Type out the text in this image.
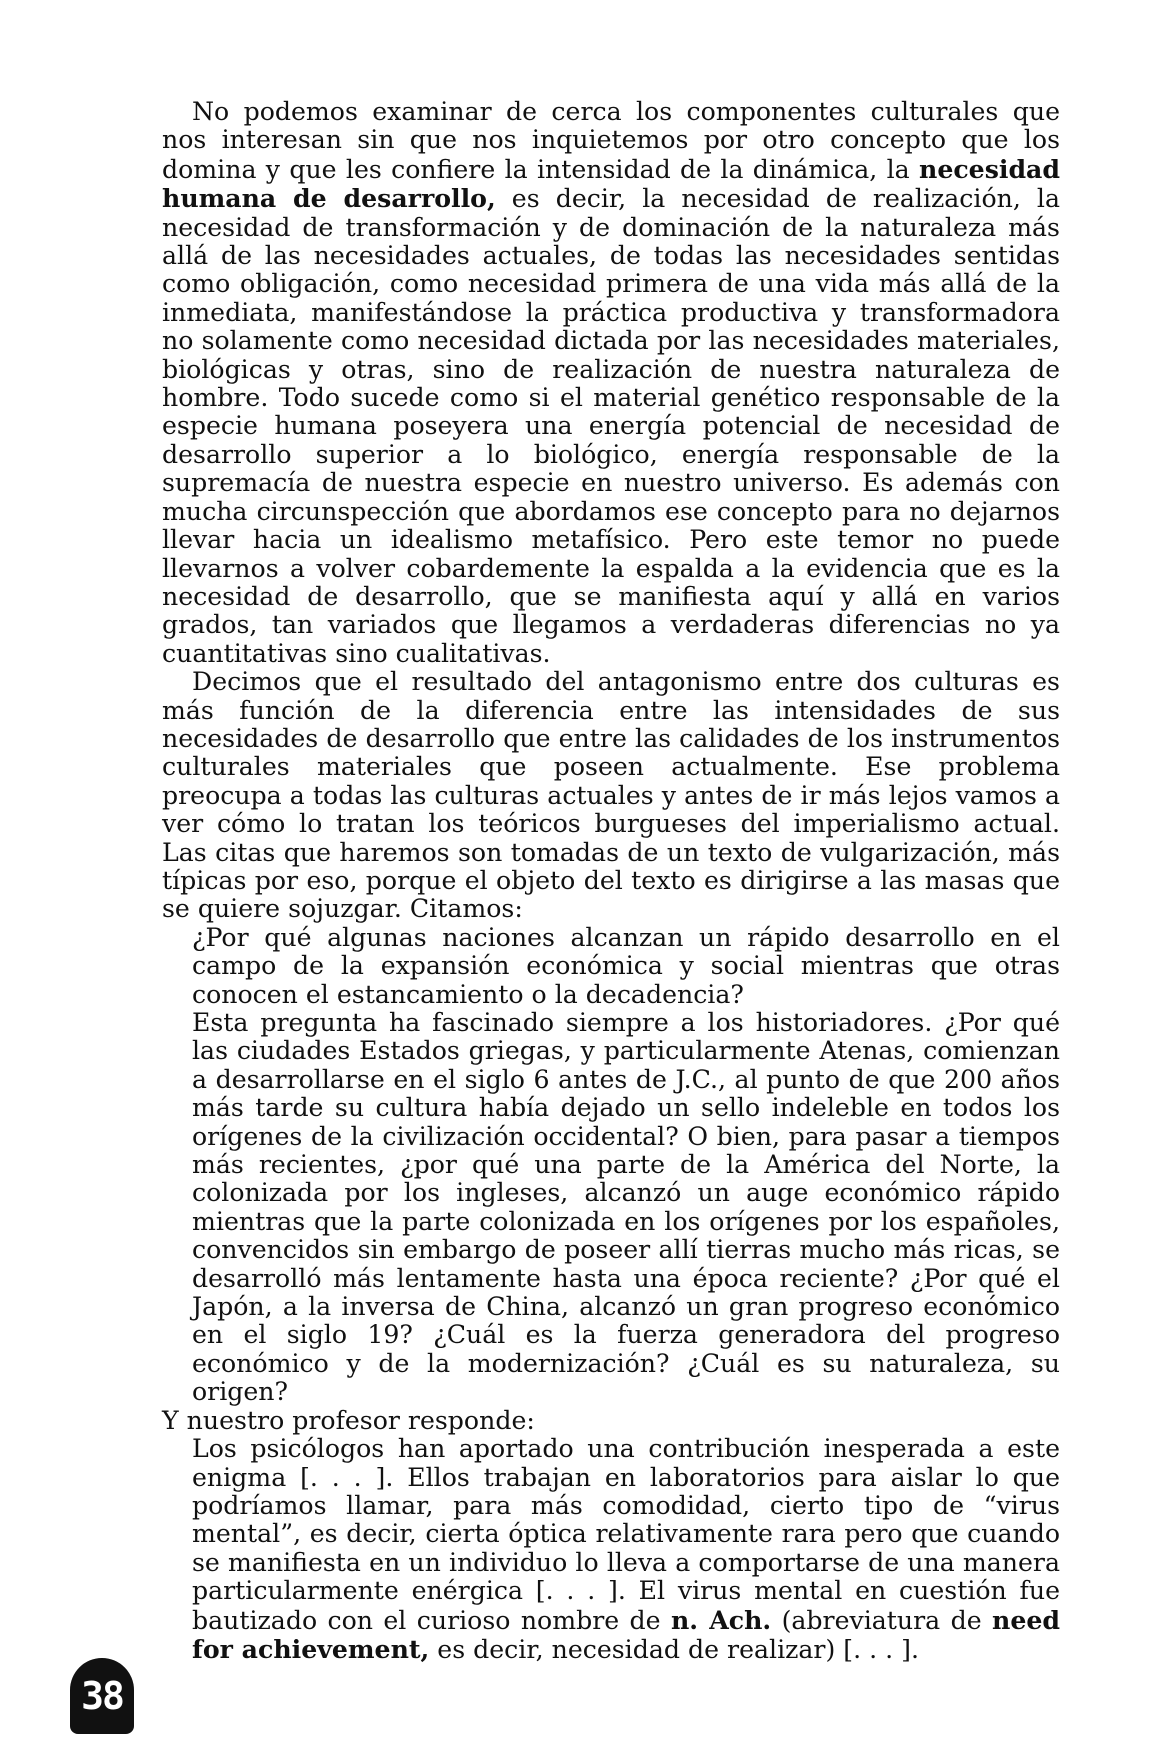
No podemos examinar de cerca los componentes culturales que nos interesan sin que nos inquietemos por otro concepto que los domina y que les confiere la intensidad de la dinámica, la necesidad humana de desarrollo, es decir, la necesidad de realización, la necesidad de transformación y de dominación de la naturaleza más allá de las necesidades actuales, de todas las necesidades sentidas como obligación, como necesidad primera de una vida más allá de la inmediata, manifestándose la práctica productiva y transformadora no solamente como necesidad dictada por las necesidades materiales, biológicas y otras, sino de realización de nuestra naturaleza de hombre. Todo sucede como si el material genético responsable de la especie humana poseyera una energía potencial de necesidad de desarrollo superior a lo biológico, energía responsable de la supremacía de nuestra especie en nuestro universo. Es además con mucha circunspección que abordamos ese concepto para no dejarnos llevar hacia un idealismo metafísico. Pero este temor no puede llevarnos a volver cobardemente la espalda a la evidencia que es la necesidad de desarrollo, que se manifiesta aquí y allá en varios grados, tan variados que llegamos a verdaderas diferencias no ya cuantitativas sino cualitativas.

Decimos que el resultado del antagonismo entre dos culturas es más función de la diferencia entre las intensidades de sus necesidades de desarrollo que entre las calidades de los instrumentos culturales materiales que poseen actualmente. Ese problema preocupa a todas las culturas actuales y antes de ir más lejos vamos a ver cómo lo tratan los teóricos burgueses del imperialismo actual. Las citas que haremos son tomadas de un texto de vulgarización, más típicas por eso, porque el objeto del texto es dirigirse a las masas que se quiere sojuzgar. Citamos:

¿Por qué algunas naciones alcanzan un rápido desarrollo en el campo de la expansión económica y social mientras que otras conocen el estancamiento o la decadencia?

Esta pregunta ha fascinado siempre a los historiadores. ¿Por qué las ciudades Estados griegas, y particularmente Atenas, comienzan a desarrollarse en el siglo 6 antes de J.C., al punto de que 200 años más tarde su cultura había dejado un sello indeleble en todos los orígenes de la civilización occidental? O bien, para pasar a tiempos más recientes, ¿por qué una parte de la América del Norte, la colonizada por los ingleses, alcanzó un auge económico rápido mientras que la parte colonizada en los orígenes por los españoles, convencidos sin embargo de poseer allí tierras mucho más ricas, se desarrolló más lentamente hasta una época reciente? ¿Por qué el Japón, a la inversa de China, alcanzó un gran progreso económico en el siglo 19? ¿Cuál es la fuerza generadora del progreso económico y de la modernización? ¿Cuál es su naturaleza, su origen?

Y nuestro profesor responde:

Los psicólogos han aportado una contribución inesperada a este enigma [. . . ]. Ellos trabajan en laboratorios para aislar lo que podríamos llamar, para más comodidad, cierto tipo de “virus mental”, es decir, cierta óptica relativamente rara pero que cuando se manifiesta en un individuo lo lleva a comportarse de una manera particularmente enérgica [. . . ]. El virus mental en cuestión fue bautizado con el curioso nombre de n. Ach. (abreviatura de need for achievement, es decir, necesidad de realizar) [. . . ].

38
